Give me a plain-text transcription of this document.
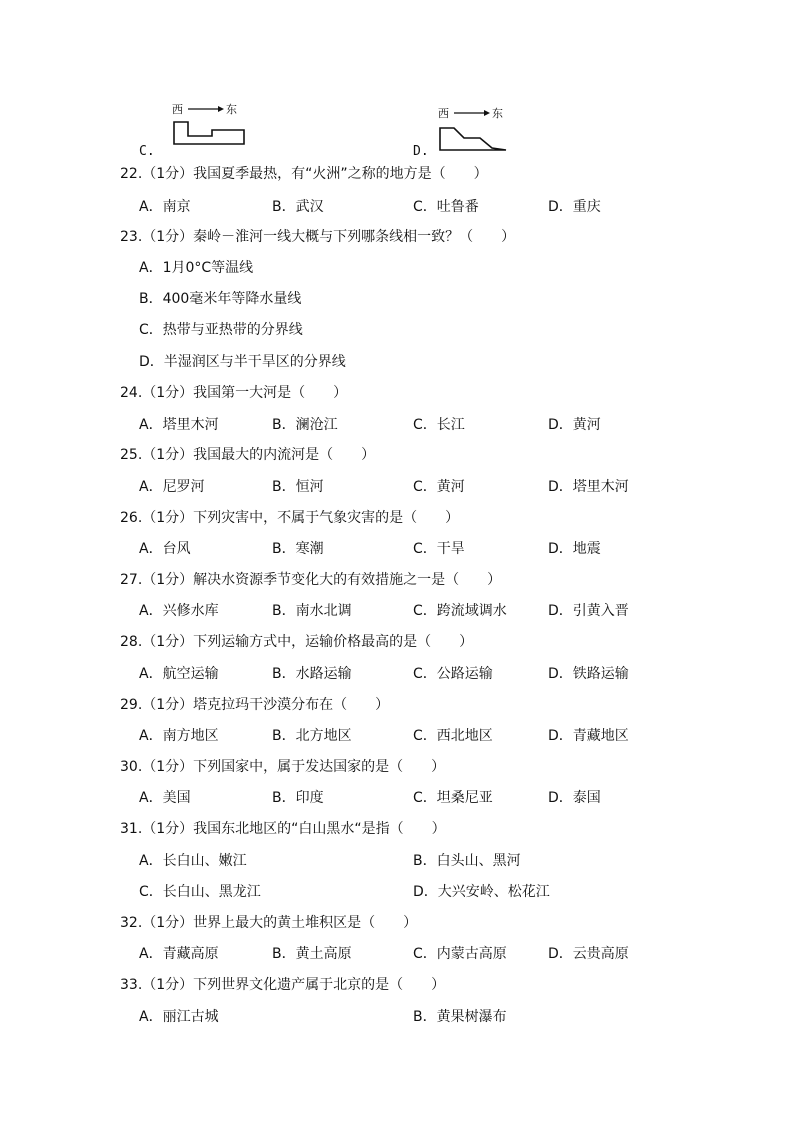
西	东
C.
西	东
D.
22.（1分）我国夏季最热，有“火洲”之称的地方是（　　）
A．南京	B．武汉	C．吐鲁番	D．重庆
23.（1分）秦岭－淮河一线大概与下列哪条线相一致？（　　）
A．1月0°C等温线
B．400毫米年等降水量线
C．热带与亚热带的分界线
D．半湿润区与半干旱区的分界线
24.（1分）我国第一大河是（　　）
A．塔里木河	B．澜沧江	C．长江	D．黄河
25.（1分）我国最大的内流河是（　　）
A．尼罗河	B．恒河	C．黄河	D．塔里木河
26.（1分）下列灾害中，不属于气象灾害的是（　　）
A．台风	B．寒潮	C．干旱	D．地震
27.（1分）解决水资源季节变化大的有效措施之一是（　　）
A．兴修水库	B．南水北调	C．跨流域调水	D．引黄入晋
28.（1分）下列运输方式中，运输价格最高的是（　　）
A．航空运输	B．水路运输	C．公路运输	D．铁路运输
29.（1分）塔克拉玛干沙漠分布在（　　）
A．南方地区	B．北方地区	C．西北地区	D．青藏地区
30.（1分）下列国家中，属于发达国家的是（　　）
A．美国	B．印度	C．坦桑尼亚	D．泰国
31.（1分）我国东北地区的“白山黑水“是指（　　）
A．长白山、嫩江	B．白头山、黑河
C．长白山、黑龙江	D．大兴安岭、松花江
32.（1分）世界上最大的黄土堆积区是（　　）
A．青藏高原	B．黄土高原	C．内蒙古高原	D．云贵高原
33.（1分）下列世界文化遗产属于北京的是（　　）
A．丽江古城	B．黄果树瀑布
